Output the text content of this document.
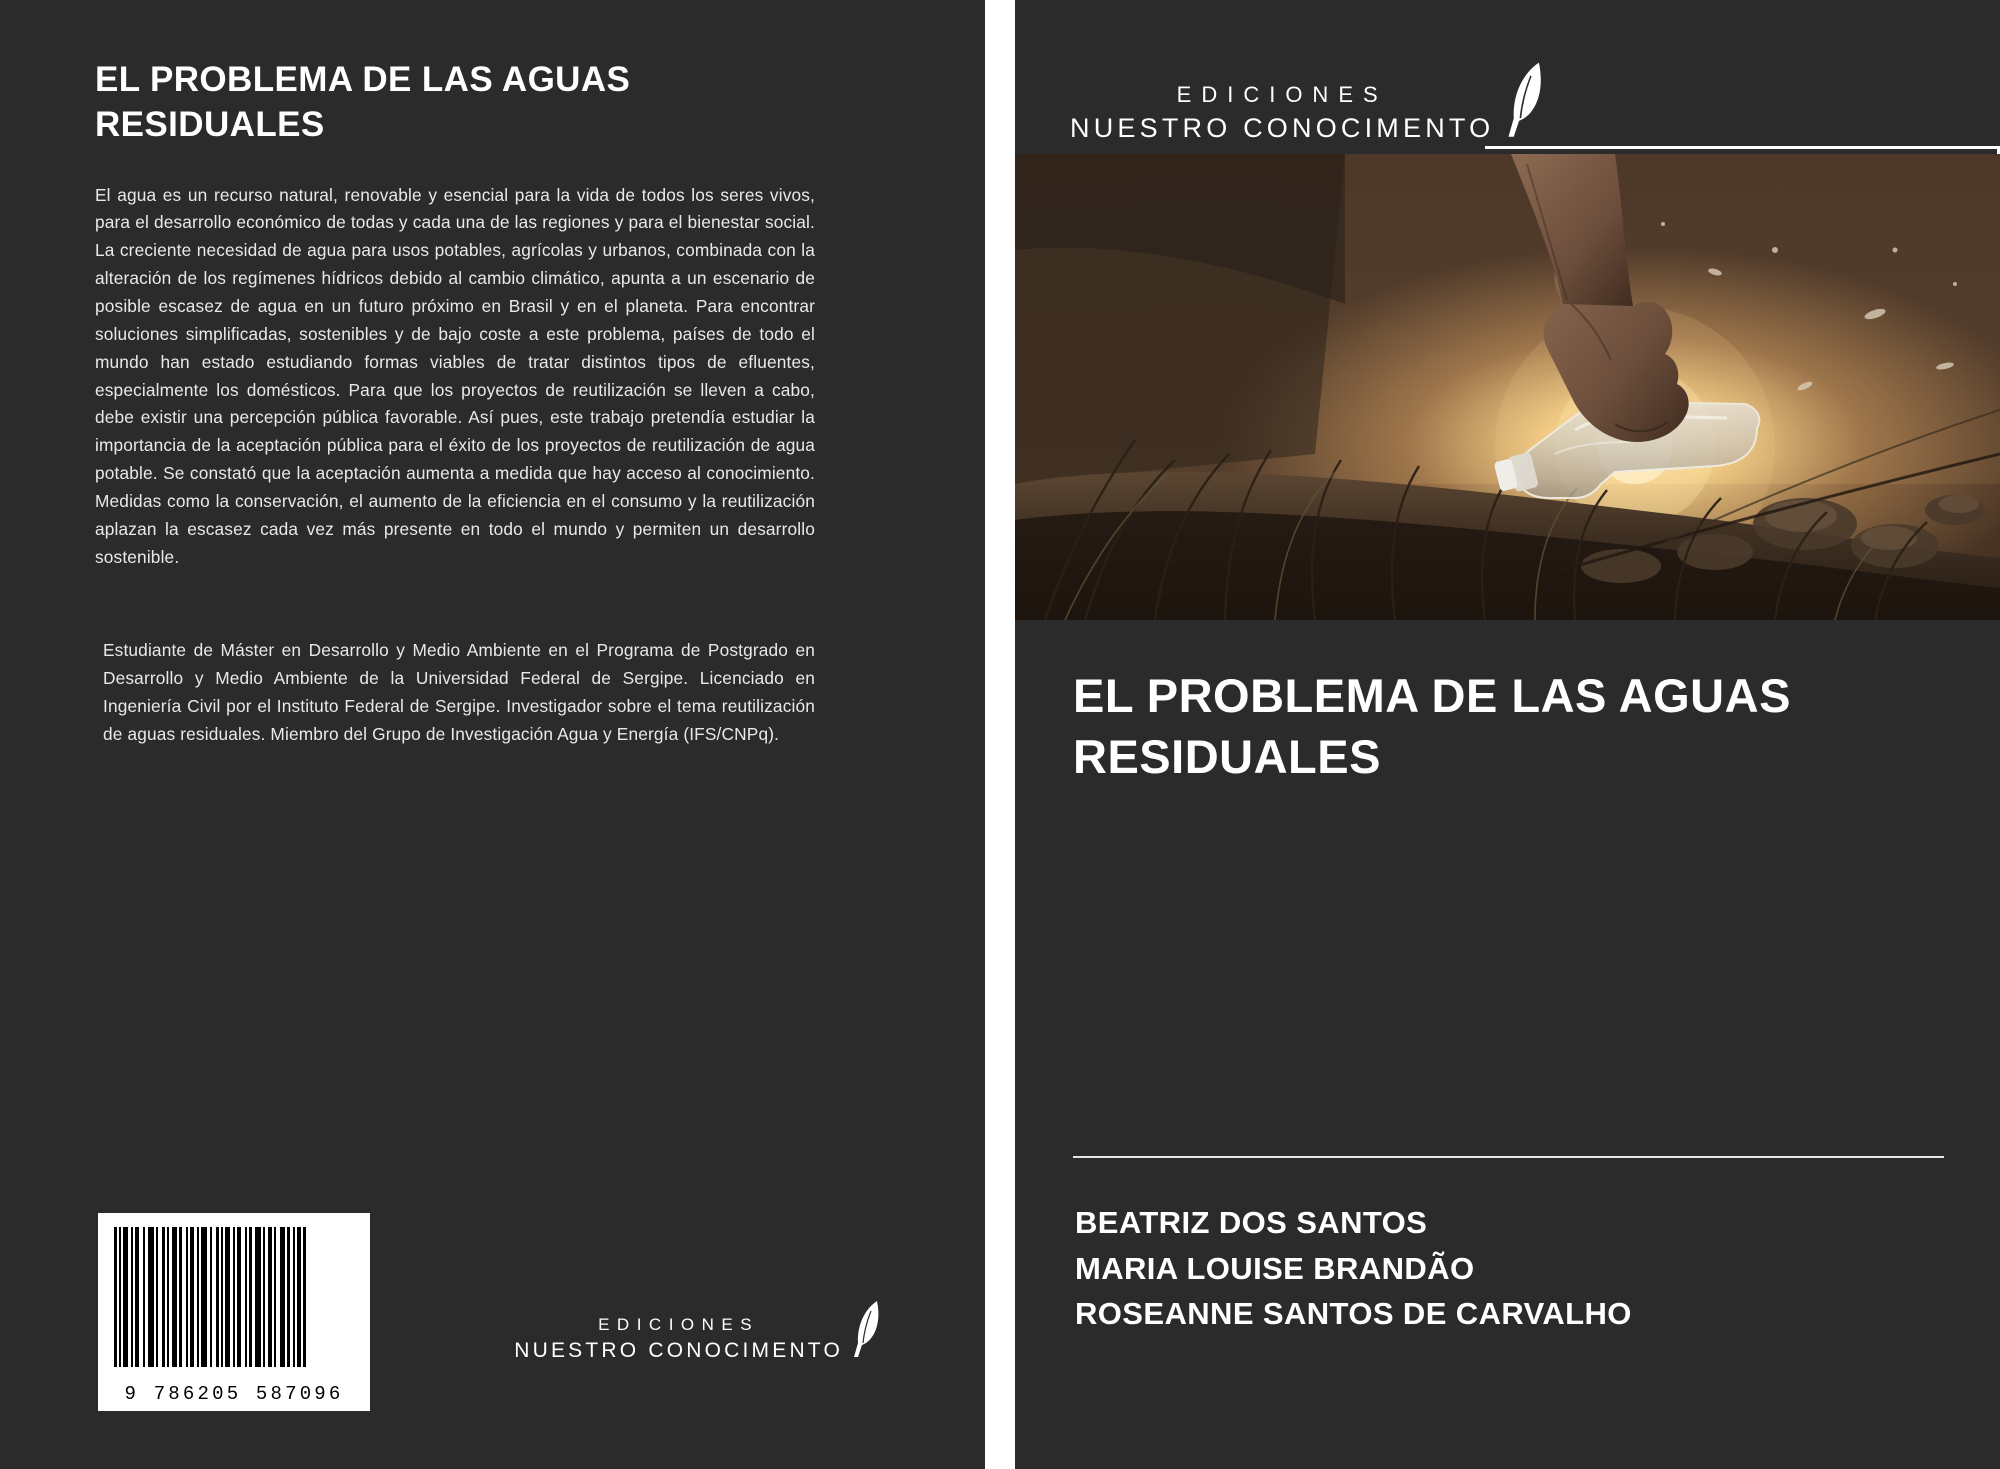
EL PROBLEMA DE LAS AGUAS RESIDUALES

El agua es un recurso natural, renovable y esencial para la vida de todos los seres vivos, para el desarrollo económico de todas y cada una de las regiones y para el bienestar social. La creciente necesidad de agua para usos potables, agrícolas y urbanos, combinada con la alteración de los regímenes hídricos debido al cambio climático, apunta a un escenario de posible escasez de agua en un futuro próximo en Brasil y en el planeta. Para encontrar soluciones simplificadas, sostenibles y de bajo coste a este problema, países de todo el mundo han estado estudiando formas viables de tratar distintos tipos de efluentes, especialmente los domésticos. Para que los proyectos de reutilización se lleven a cabo, debe existir una percepción pública favorable. Así pues, este trabajo pretendía estudiar la importancia de la aceptación pública para el éxito de los proyectos de reutilización de agua potable. Se constató que la aceptación aumenta a medida que hay acceso al conocimiento. Medidas como la conservación, el aumento de la eficiencia en el consumo y la reutilización aplazan la escasez cada vez más presente en todo el mundo y permiten un desarrollo sostenible.

Estudiante de Máster en Desarrollo y Medio Ambiente en el Programa de Postgrado en Desarrollo y Medio Ambiente de la Universidad Federal de Sergipe. Licenciado en Ingeniería Civil por el Instituto Federal de Sergipe. Investigador sobre el tema reutilización de aguas residuales. Miembro del Grupo de Investigación Agua y Energía (IFS/CNPq).

9 786205 587096
EDICIONES
NUESTRO CONOCIMENTO
EDICIONES
NUESTRO CONOCIMENTO
EL PROBLEMA DE LAS AGUAS RESIDUALES
BEATRIZ DOS SANTOS
MARIA LOUISE BRANDÃO
ROSEANNE SANTOS DE CARVALHO
